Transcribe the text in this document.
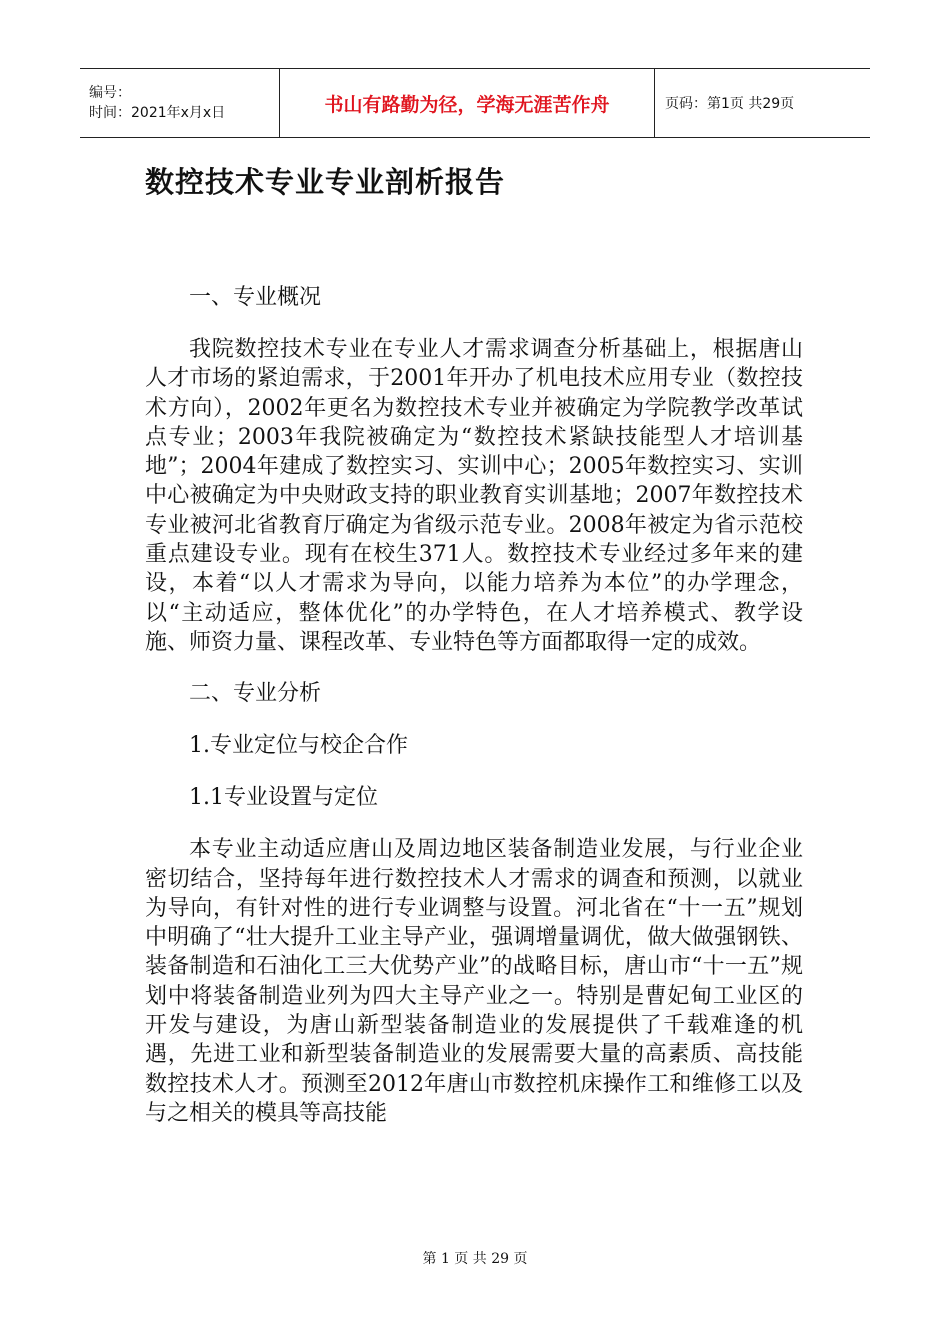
编号：
时间：2021年x月x日	书山有路勤为径，学海无涯苦作舟	页码：第1页 共29页
数控技术专业专业剖析报告

一、专业概况

我院数控技术专业在专业人才需求调查分析基础上，根据唐山人才市场的紧迫需求，于2001年开办了机电技术应用专业（数控技术方向），2002年更名为数控技术专业并被确定为学院教学改革试点专业；2003年我院被确定为“数控技术紧缺技能型人才培训基地”；2004年建成了数控实习、实训中心；2005年数控实习、实训中心被确定为中央财政支持的职业教育实训基地；2007年数控技术专业被河北省教育厅确定为省级示范专业。2008年被定为省示范校重点建设专业。现有在校生371人。数控技术专业经过多年来的建设，本着“以人才需求为导向，以能力培养为本位”的办学理念，以“主动适应，整体优化”的办学特色，在人才培养模式、教学设施、师资力量、课程改革、专业特色等方面都取得一定的成效。

二、专业分析

1.专业定位与校企合作

1.1专业设置与定位

本专业主动适应唐山及周边地区装备制造业发展，与行业企业密切结合，坚持每年进行数控技术人才需求的调查和预测，以就业为导向，有针对性的进行专业调整与设置。河北省在“十一五”规划中明确了“壮大提升工业主导产业，强调增量调优，做大做强钢铁、装备制造和石油化工三大优势产业”的战略目标，唐山市“十一五”规划中将装备制造业列为四大主导产业之一。特别是曹妃甸工业区的开发与建设，为唐山新型装备制造业的发展提供了千载难逢的机遇，先进工业和新型装备制造业的发展需要大量的高素质、高技能数控技术人才。预测至2012年唐山市数控机床操作工和维修工以及与之相关的模具等高技能

第 1 页 共 29 页
